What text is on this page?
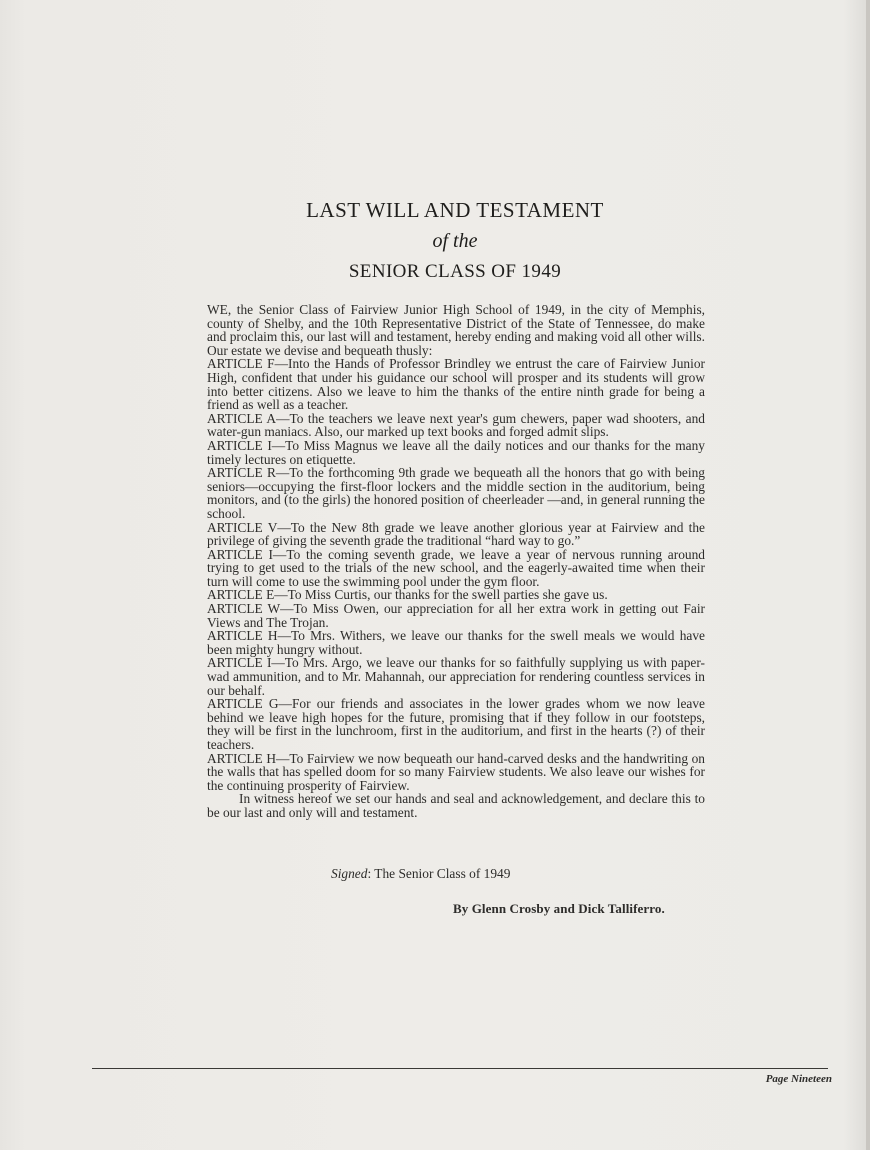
LAST WILL AND TESTAMENT
of the
SENIOR CLASS OF 1949

WE, the Senior Class of Fairview Junior High School of 1949, in the city of Memphis, county of Shelby, and the 10th Representative District of the State of Tennessee, do make and proclaim this, our last will and testament, hereby ending and making void all other wills. Our estate we devise and bequeath thusly:

ARTICLE F—Into the Hands of Professor Brindley we entrust the care of Fairview Junior High, confident that under his guidance our school will prosper and its students will grow into better citizens. Also we leave to him the thanks of the entire ninth grade for being a friend as well as a teacher.

ARTICLE A—To the teachers we leave next year's gum chewers, paper wad shooters, and water-gun maniacs. Also, our marked up text books and forged admit slips.

ARTICLE I—To Miss Magnus we leave all the daily notices and our thanks for the many timely lectures on etiquette.

ARTICLE R—To the forthcoming 9th grade we bequeath all the honors that go with being seniors—occupying the first-floor lockers and the middle section in the auditorium, being monitors, and (to the girls) the honored position of cheerleader —and, in general running the school.

ARTICLE V—To the New 8th grade we leave another glorious year at Fairview and the privilege of giving the seventh grade the traditional “hard way to go.”

ARTICLE I—To the coming seventh grade, we leave a year of nervous running around trying to get used to the trials of the new school, and the eagerly-awaited time when their turn will come to use the swimming pool under the gym floor.

ARTICLE E—To Miss Curtis, our thanks for the swell parties she gave us.

ARTICLE W—To Miss Owen, our appreciation for all her extra work in getting out Fair Views and The Trojan.

ARTICLE H—To Mrs. Withers, we leave our thanks for the swell meals we would have been mighty hungry without.

ARTICLE I—To Mrs. Argo, we leave our thanks for so faithfully supplying us with paper-wad ammunition, and to Mr. Mahannah, our appreciation for rendering countless services in our behalf.

ARTICLE G—For our friends and associates in the lower grades whom we now leave behind we leave high hopes for the future, promising that if they follow in our footsteps, they will be first in the lunchroom, first in the auditorium, and first in the hearts (?) of their teachers.

ARTICLE H—To Fairview we now bequeath our hand-carved desks and the handwriting on the walls that has spelled doom for so many Fairview students. We also leave our wishes for the continuing prosperity of Fairview.

In witness hereof we set our hands and seal and acknowledgement, and declare this to be our last and only will and testament.

Signed: The Senior Class of 1949
By Glenn Crosby and Dick Talliferro.
Page Nineteen
